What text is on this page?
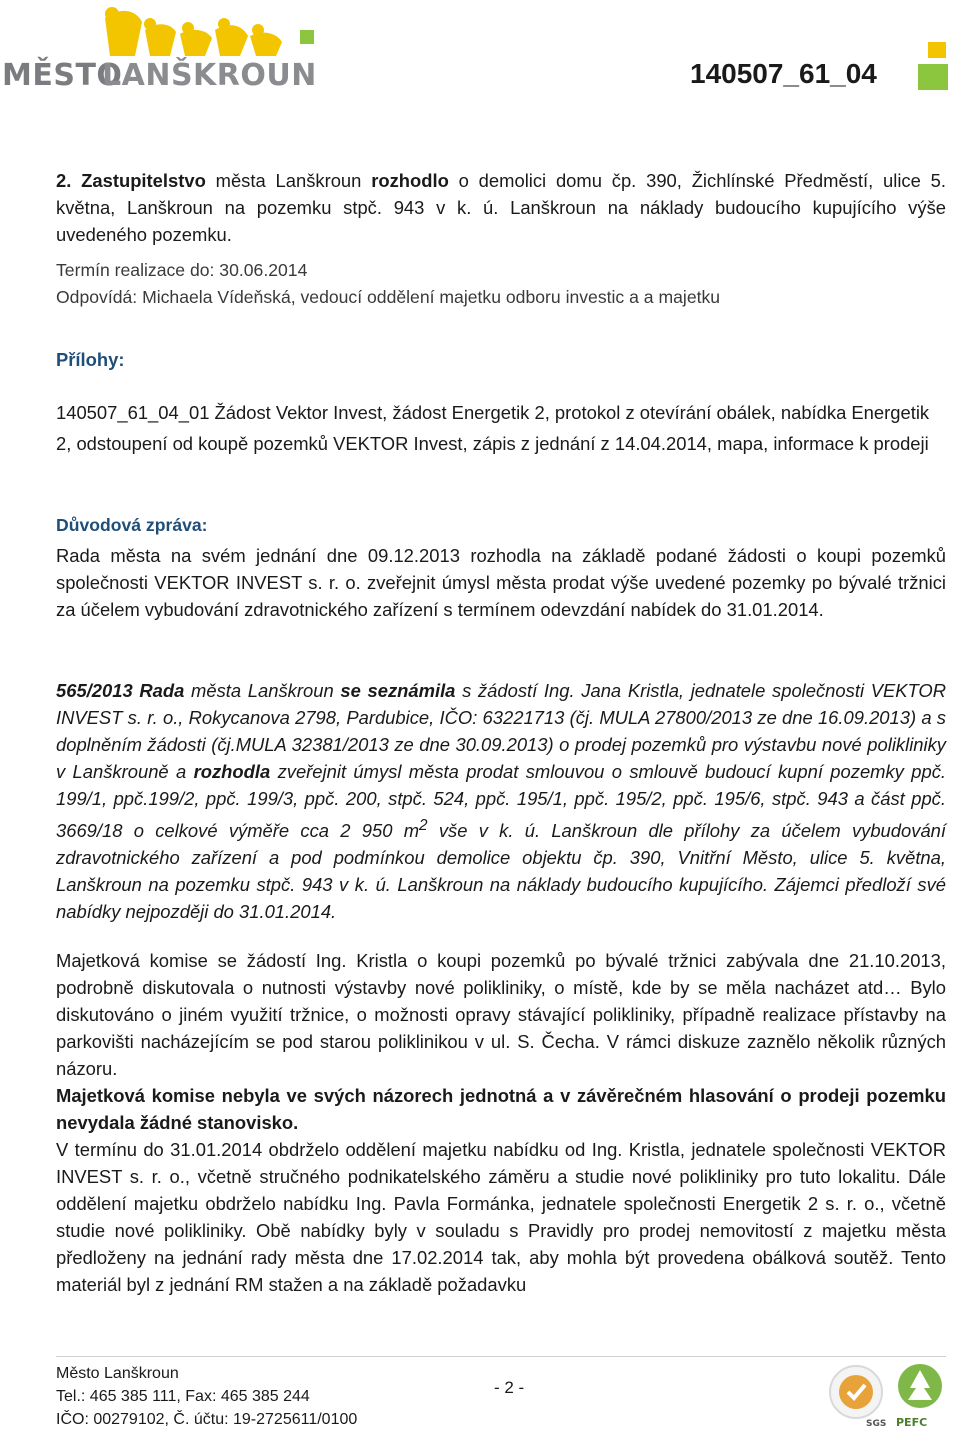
MĚSTO
LANŠKROUN	140507_61_04
2. Zastupitelstvo města Lanškroun rozhodlo o demolici domu čp. 390, Žichlínské Předměstí, ulice 5. května, Lanškroun na pozemku stpč. 943 v k. ú. Lanškroun na náklady budoucího kupujícího výše uvedeného pozemku.
Termín realizace do: 30.06.2014
Odpovídá: Michaela Vídeňská, vedoucí oddělení majetku odboru investic a a majetku
Přílohy:
140507_61_04_01 Žádost Vektor Invest, žádost Energetik 2, protokol z otevírání obálek, nabídka Energetik 2, odstoupení od koupě pozemků VEKTOR Invest, zápis z jednání z 14.04.2014, mapa, informace k prodeji
Důvodová zpráva:
Rada města na svém jednání dne 09.12.2013 rozhodla na základě podané žádosti o koupi pozemků společnosti VEKTOR INVEST s. r. o. zveřejnit úmysl města prodat výše uvedené pozemky po bývalé tržnici za účelem vybudování zdravotnického zařízení s termínem odevzdání nabídek do 31.01.2014.
565/2013 Rada města Lanškroun se seznámila s žádostí Ing. Jana Kristla, jednatele společnosti VEKTOR INVEST s. r. o., Rokycanova 2798, Pardubice, IČO: 63221713 (čj. MULA 27800/2013 ze dne 16.09.2013) a s doplněním žádosti (čj.MULA 32381/2013 ze dne 30.09.2013) o prodej pozemků pro výstavbu nové polikliniky v Lanškrouně a rozhodla zveřejnit úmysl města prodat smlouvou o smlouvě budoucí kupní pozemky ppč. 199/1, ppč.199/2, ppč. 199/3, ppč. 200, stpč. 524, ppč. 195/1, ppč. 195/2, ppč. 195/6, stpč. 943 a část ppč. 3669/18 o celkové výměře cca 2 950 $m^2$ vše v k. ú. Lanškroun dle přílohy za účelem vybudování zdravotnického zařízení a pod podmínkou demolice objektu čp. 390, Vnitřní Město, ulice 5. května, Lanškroun na pozemku stpč. 943 v k. ú. Lanškroun na náklady budoucího kupujícího. Zájemci předloží své nabídky nejpozději do 31.01.2014.
Majetková komise se žádostí Ing. Kristla o koupi pozemků po bývalé tržnici zabývala dne 21.10.2013, podrobně diskutovala o nutnosti výstavby nové polikliniky, o místě, kde by se měla nacházet atd… Bylo diskutováno o jiném využití tržnice, o možnosti opravy stávající polikliniky, případně realizace přístavby na parkovišti nacházejícím se pod starou poliklinikou v ul. S. Čecha. V rámci diskuze zaznělo několik různých názoru.
Majetková komise nebyla ve svých názorech jednotná a v závěrečném hlasování o prodeji pozemku nevydala žádné stanovisko.
V termínu do 31.01.2014 obdrželo oddělení majetku nabídku od Ing. Kristla, jednatele společnosti VEKTOR INVEST s. r. o., včetně stručného podnikatelského záměru a studie nové polikliniky pro tuto lokalitu. Dále oddělení majetku obdrželo nabídku Ing. Pavla Formánka, jednatele společnosti Energetik 2 s. r. o., včetně studie nové polikliniky. Obě nabídky byly v souladu s Pravidly pro prodej nemovitostí z majetku města předloženy na jednání rady města dne 17.02.2014 tak, aby mohla být provedena obálková soutěž. Tento materiál byl z jednání RM stažen a na základě požadavku
Město Lanškroun
Tel.: 465 385 111, Fax: 465 385 244
IČO: 00279102, Č. účtu: 19-2725611/0100
- 2 -
SGS PEFC
